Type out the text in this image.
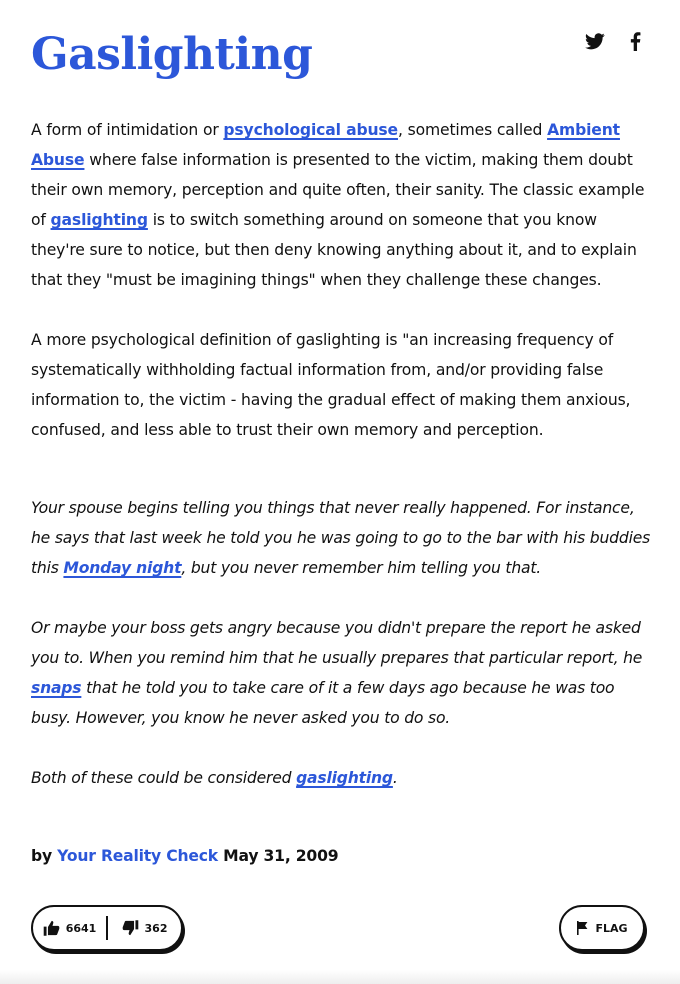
Gaslighting

A form of intimidation or psychological abuse, sometimes called Ambient Abuse where false information is presented to the victim, making them doubt their own memory, perception and quite often, their sanity. The classic example of gaslighting is to switch something around on someone that you know they're sure to notice, but then deny knowing anything about it, and to explain that they "must be imagining things" when they challenge these changes.

A more psychological definition of gaslighting is "an increasing frequency of systematically withholding factual information from, and/or providing false information to, the victim - having the gradual effect of making them anxious, confused, and less able to trust their own memory and perception.

Your spouse begins telling you things that never really happened. For instance, he says that last week he told you he was going to go to the bar with his buddies this Monday night, but you never remember him telling you that.

Or maybe your boss gets angry because you didn't prepare the report he asked you to. When you remind him that he usually prepares that particular report, he snaps that he told you to take care of it a few days ago because he was too busy. However, you know he never asked you to do so.

Both of these could be considered gaslighting.

by Your Reality Check May 31, 2009
6641	362	FLAG
